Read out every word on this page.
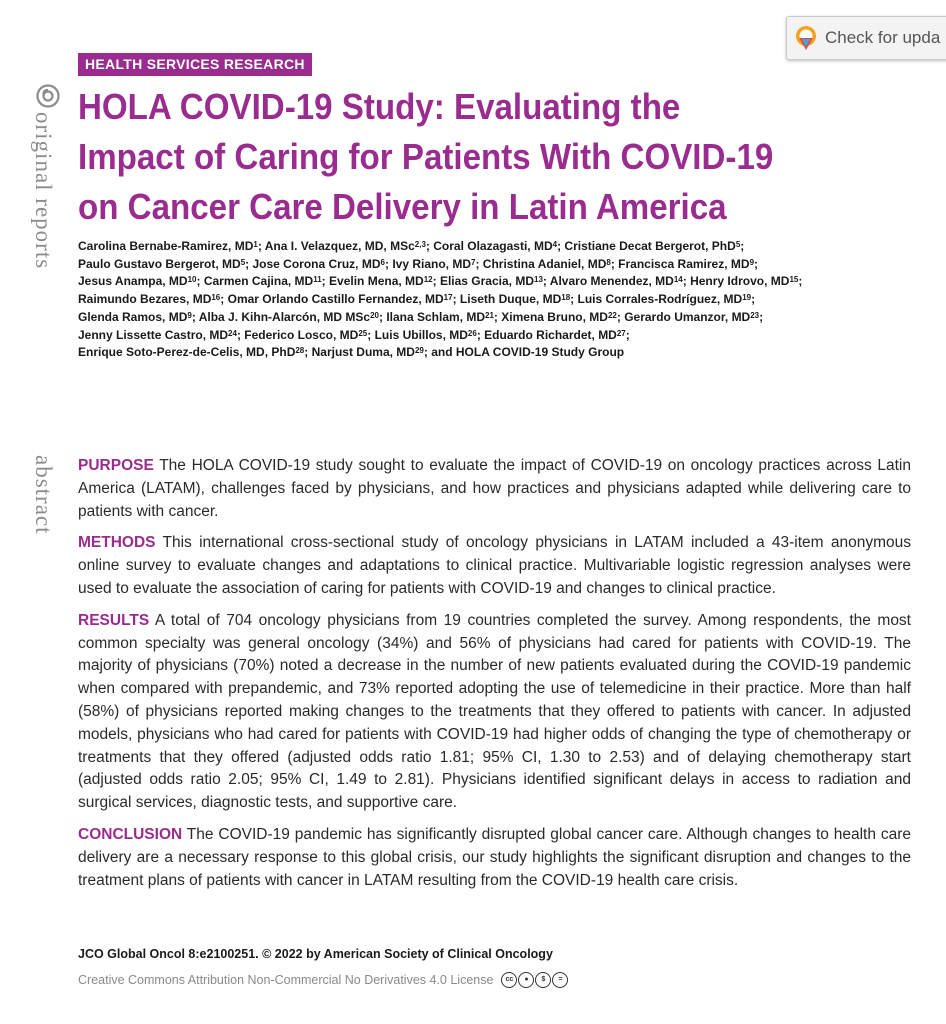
Check for upda
original reports
abstract
HEALTH SERVICES RESEARCH
HOLA COVID-19 Study: Evaluating the
Impact of Caring for Patients With COVID-19
on Cancer Care Delivery in Latin America
Carolina Bernabe-Ramirez, $MD^1$; Ana I. Velazquez, MD, MSc$^{2,3}$; Coral Olazagasti, $MD^4$; Cristiane Decat Bergerot, PhD$^5$;
Paulo Gustavo Bergerot, $MD^5$; Jose Corona Cruz, $MD^6$; Ivy Riano, $MD^7$; Christina Adaniel, $MD^8$; Francisca Ramirez, $MD^9$;
Jesus Anampa, MD$^{10}$; Carmen Cajina, MD$^{11}$; Evelin Mena, MD$^{12}$; Elias Gracia, MD$^{13}$; Alvaro Menendez, MD$^{14}$; Henry Idrovo, MD$^{15}$;
Raimundo Bezares, MD$^{16}$; Omar Orlando Castillo Fernandez, MD$^{17}$; Liseth Duque, MD$^{18}$; Luis Corrales-Rodríguez, MD$^{19}$;
Glenda Ramos, $MD^9$; Alba J. Kihn-Alarcón, MD MSc$^{20}$; Ilana Schlam, MD$^{21}$; Ximena Bruno, MD$^{22}$; Gerardo Umanzor, MD$^{23}$;
Jenny Lissette Castro, MD$^{24}$; Federico Losco, MD$^{25}$; Luis Ubillos, MD$^{26}$; Eduardo Richardet, MD$^{27}$;
Enrique Soto-Perez-de-Celis, MD, PhD$^{28}$; Narjust Duma, MD$^{29}$; and HOLA COVID-19 Study Group

PURPOSE The HOLA COVID-19 study sought to evaluate the impact of COVID-19 on oncology practices across Latin America (LATAM), challenges faced by physicians, and how practices and physicians adapted while delivering care to patients with cancer.

METHODS This international cross-sectional study of oncology physicians in LATAM included a 43-item anonymous online survey to evaluate changes and adaptations to clinical practice. Multivariable logistic regression analyses were used to evaluate the association of caring for patients with COVID-19 and changes to clinical practice.

RESULTS A total of 704 oncology physicians from 19 countries completed the survey. Among respondents, the most common specialty was general oncology (34%) and 56% of physicians had cared for patients with COVID-19. The majority of physicians (70%) noted a decrease in the number of new patients evaluated during the COVID-19 pandemic when compared with prepandemic, and 73% reported adopting the use of telemedicine in their practice. More than half (58%) of physicians reported making changes to the treatments that they offered to patients with cancer. In adjusted models, physicians who had cared for patients with COVID-19 had higher odds of changing the type of chemotherapy or treatments that they offered (adjusted odds ratio 1.81; 95% CI, 1.30 to 2.53) and of delaying chemotherapy start (adjusted odds ratio 2.05; 95% CI, 1.49 to 2.81). Physicians identified significant delays in access to radiation and surgical services, diagnostic tests, and supportive care.

CONCLUSION The COVID-19 pandemic has significantly disrupted global cancer care. Although changes to health care delivery are a necessary response to this global crisis, our study highlights the significant disruption and changes to the treatment plans of patients with cancer in LATAM resulting from the COVID-19 health care crisis.

JCO Global Oncol 8:e2100251. © 2022 by American Society of Clinical Oncology

Creative Commons Attribution Non-Commercial No Derivatives 4.0 License	cc	●	$	=
